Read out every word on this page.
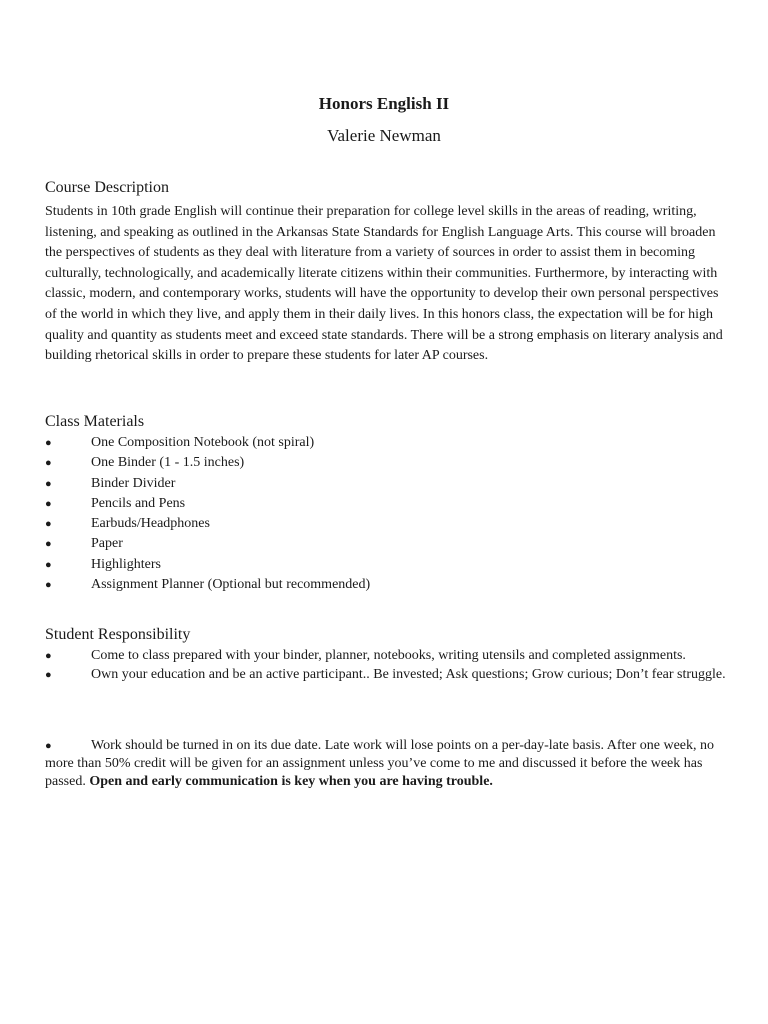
Honors English II
Valerie Newman
Course Description

Students in 10th grade English will continue their preparation for college level skills in the areas of reading, writing, listening, and speaking as outlined in the Arkansas State Standards for English Language Arts. This course will broaden the perspectives of students as they deal with literature from a variety of sources in order to assist them in becoming culturally, technologically, and academically literate citizens within their communities. Furthermore, by interacting with classic, modern, and contemporary works, students will have the opportunity to develop their own personal perspectives of the world in which they live, and apply them in their daily lives. In this honors class, the expectation will be for high quality and quantity as students meet and exceed state standards. There will be a strong emphasis on literary analysis and building rhetorical skills in order to prepare these students for later AP courses.

Class Materials
●	One Composition Notebook (not spiral)
●	One Binder (1 - 1.5 inches)
●	Binder Divider
●	Pencils and Pens
●	Earbuds/Headphones
●	Paper
●	Highlighters
●	Assignment Planner (Optional but recommended)
Student Responsibility
●	Come to class prepared with your binder, planner, notebooks, writing utensils and completed assignments.
●	Own your education and be an active participant.. Be invested; Ask questions; Grow curious; Don’t fear struggle.

●	Work should be turned in on its due date. Late work will lose points on a per-day-late basis. After one week, no more than 50% credit will be given for an assignment unless you’ve come to me and discussed it before the week has passed. Open and early communication is key when you are having trouble.
